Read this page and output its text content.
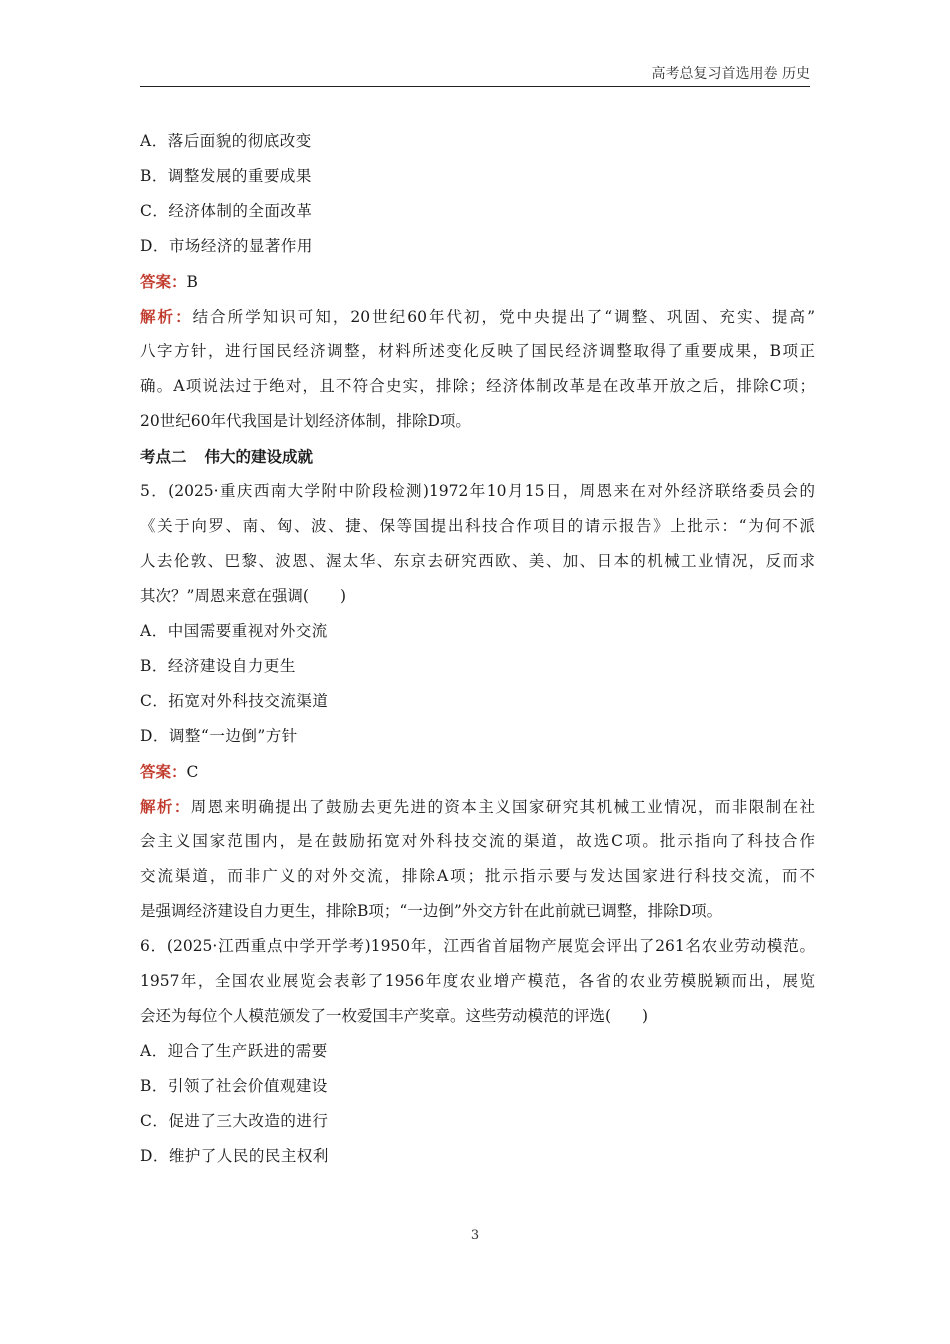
高考总复习首选用卷 历史
A．落后面貌的彻底改变
B．调整发展的重要成果
C．经济体制的全面改革
D．市场经济的显著作用
答案：B
解析：结合所学知识可知，20世纪60年代初，党中央提出了“调整、巩固、充实、提高”
八字方针，进行国民经济调整，材料所述变化反映了国民经济调整取得了重要成果，B项正
确。A项说法过于绝对，且不符合史实，排除；经济体制改革是在改革开放之后，排除C项；
20世纪60年代我国是计划经济体制，排除D项。
考点二 伟大的建设成就
5．(2025·重庆西南大学附中阶段检测)1972年10月15日，周恩来在对外经济联络委员会的
《关于向罗、南、匈、波、捷、保等国提出科技合作项目的请示报告》上批示：“为何不派
人去伦敦、巴黎、波恩、渥太华、东京去研究西欧、美、加、日本的机械工业情况，反而求
其次？”周恩来意在强调(　　)
A．中国需要重视对外交流
B．经济建设自力更生
C．拓宽对外科技交流渠道
D．调整“一边倒”方针
答案：C
解析：周恩来明确提出了鼓励去更先进的资本主义国家研究其机械工业情况，而非限制在社
会主义国家范围内，是在鼓励拓宽对外科技交流的渠道，故选C项。批示指向了科技合作
交流渠道，而非广义的对外交流，排除A项；批示指示要与发达国家进行科技交流，而不
是强调经济建设自力更生，排除B项；“一边倒”外交方针在此前就已调整，排除D项。
6．(2025·江西重点中学开学考)1950年，江西省首届物产展览会评出了261名农业劳动模范。
1957年，全国农业展览会表彰了1956年度农业增产模范，各省的农业劳模脱颖而出，展览
会还为每位个人模范颁发了一枚爱国丰产奖章。这些劳动模范的评选(　　)
A．迎合了生产跃进的需要
B．引领了社会价值观建设
C．促进了三大改造的进行
D．维护了人民的民主权利
3
